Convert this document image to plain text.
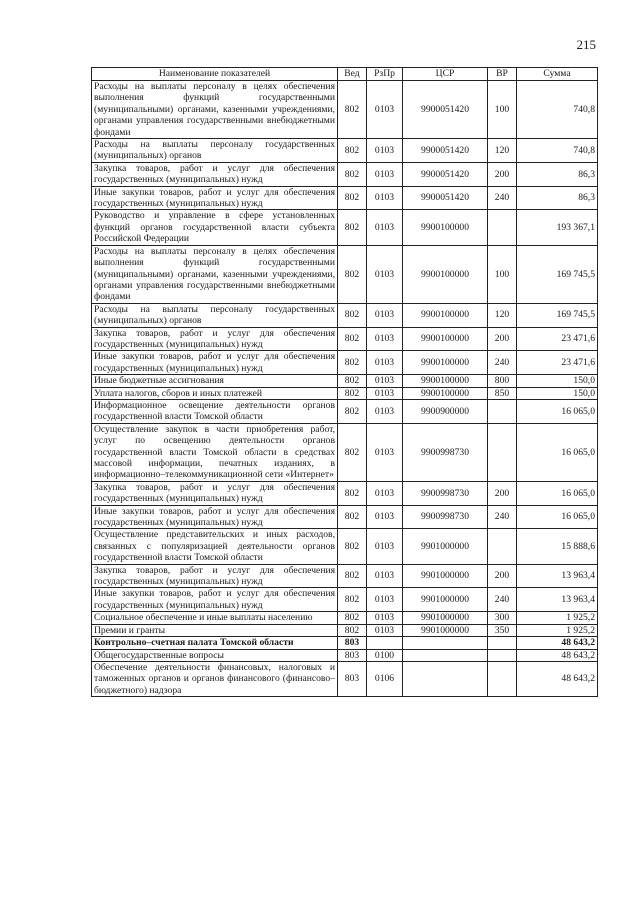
215
Наименование показателей	Вед	РзПр	ЦСР	ВР	Сумма
Расходы на выплаты персоналу в целях обеспечения выполнения функций государственными (муниципальными) органами, казенными учреждениями, органами управления государственными внебюджетными фондами	802	0103	9900051420	100	740,8
Расходы на выплаты персоналу государственных (муниципальных) органов	802	0103	9900051420	120	740,8
Закупка товаров, работ и услуг для обеспечения государственных (муниципальных) нужд	802	0103	9900051420	200	86,3
Иные закупки товаров, работ и услуг для обеспечения государственных (муниципальных) нужд	802	0103	9900051420	240	86,3
Руководство и управление в сфере установленных функций органов государственной власти субъекта Российской Федерации	802	0103	9900100000		193 367,1
Расходы на выплаты персоналу в целях обеспечения выполнения функций государственными (муниципальными) органами, казенными учреждениями, органами управления государственными внебюджетными фондами	802	0103	9900100000	100	169 745,5
Расходы на выплаты персоналу государственных (муниципальных) органов	802	0103	9900100000	120	169 745,5
Закупка товаров, работ и услуг для обеспечения государственных (муниципальных) нужд	802	0103	9900100000	200	23 471,6
Иные закупки товаров, работ и услуг для обеспечения государственных (муниципальных) нужд	802	0103	9900100000	240	23 471,6
Иные бюджетные ассигнования	802	0103	9900100000	800	150,0
Уплата налогов, сборов и иных платежей	802	0103	9900100000	850	150,0
Информационное освещение деятельности органов государственной власти Томской области	802	0103	9900900000		16 065,0
Осуществление закупок в части приобретения работ, услуг по освещению деятельности органов государственной власти Томской области в средствах массовой информации, печатных изданиях, в информационно–телекоммуникационной сети «Интернет»	802	0103	9900998730		16 065,0
Закупка товаров, работ и услуг для обеспечения государственных (муниципальных) нужд	802	0103	9900998730	200	16 065,0
Иные закупки товаров, работ и услуг для обеспечения государственных (муниципальных) нужд	802	0103	9900998730	240	16 065,0
Осуществление представительских и иных расходов, связанных с популяризацией деятельности органов государственной власти Томской области	802	0103	9901000000		15 888,6
Закупка товаров, работ и услуг для обеспечения государственных (муниципальных) нужд	802	0103	9901000000	200	13 963,4
Иные закупки товаров, работ и услуг для обеспечения государственных (муниципальных) нужд	802	0103	9901000000	240	13 963,4
Социальное обеспечение и иные выплаты населению	802	0103	9901000000	300	1 925,2
Премии и гранты	802	0103	9901000000	350	1 925,2
Контрольно–счетная палата Томской области	803				48 643,2
Общегосударственные вопросы	803	0100			48 643,2
Обеспечение деятельности финансовых, налоговых и таможенных органов и органов финансового (финансово–бюджетного) надзора	803	0106			48 643,2
